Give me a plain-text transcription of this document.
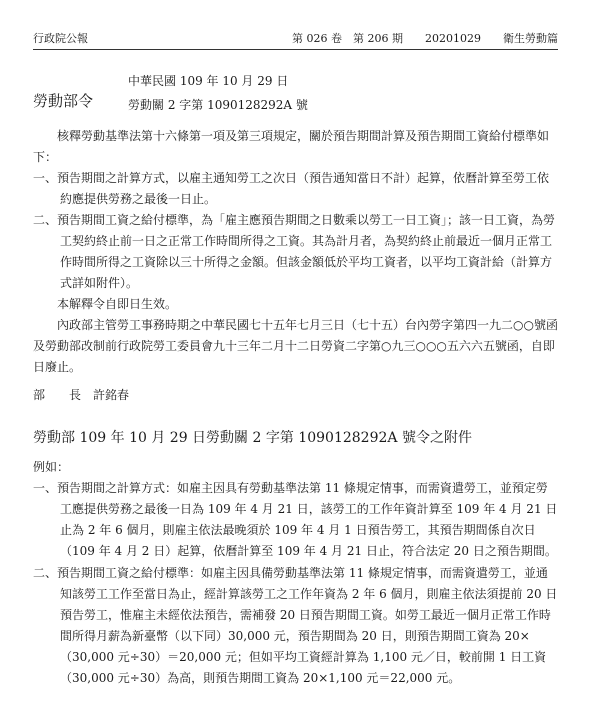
行政院公報	第 026 卷　第 206 期　　20201029　　衛生勞動篇
勞動部令
中華民國 109 年 10 月 29 日
勞動關 2 字第 1090128292A 號
核釋勞動基準法第十六條第一項及第三項規定，關於預告期間計算及預告期間工資給付標準如下：
一、預告期間之計算方式，以雇主通知勞工之次日（預告通知當日不計）起算，依曆計算至勞工依約應提供勞務之最後一日止。
二、預告期間工資之給付標準，為「雇主應預告期間之日數乘以勞工一日工資」；該一日工資，為勞工契約終止前一日之正常工作時間所得之工資。其為計月者，為契約終止前最近一個月正常工作時間所得之工資除以三十所得之金額。但該金額低於平均工資者，以平均工資計給（計算方式詳如附件）。
本解釋令自即日生效。
內政部主管勞工事務時期之中華民國七十五年七月三日（七十五）台內勞字第四一九二○○號函及勞動部改制前行政院勞工委員會九十三年二月十二日勞資二字第○九三○○○五六六五號函，自即日廢止。
部　　長　許銘春
勞動部 109 年 10 月 29 日勞動關 2 字第 1090128292A 號令之附件
例如：
一、預告期間之計算方式：如雇主因具有勞動基準法第 11 條規定情事，而需資遣勞工，並預定勞工應提供勞務之最後一日為 109 年 4 月 21 日，該勞工的工作年資計算至 109 年 4 月 21 日止為 2 年 6 個月，則雇主依法最晚須於 109 年 4 月 1 日預告勞工，其預告期間係自次日（109 年 4 月 2 日）起算，依曆計算至 109 年 4 月 21 日止，符合法定 20 日之預告期間。
二、預告期間工資之給付標準：如雇主因具備勞動基準法第 11 條規定情事，而需資遣勞工，並通知該勞工工作至當日為止，經計算該勞工之工作年資為 2 年 6 個月，則雇主依法須提前 20 日預告勞工，惟雇主未經依法預告，需補發 20 日預告期間工資。如勞工最近一個月正常工作時間所得月薪為新臺幣（以下同）30,000 元，預告期間為 20 日，則預告期間工資為 20×（30,000 元÷30）＝20,000 元；但如平均工資經計算為 1,100 元／日，較前開 1 日工資（30,000 元÷30）為高，則預告期間工資為 20×1,100 元＝22,000 元。
